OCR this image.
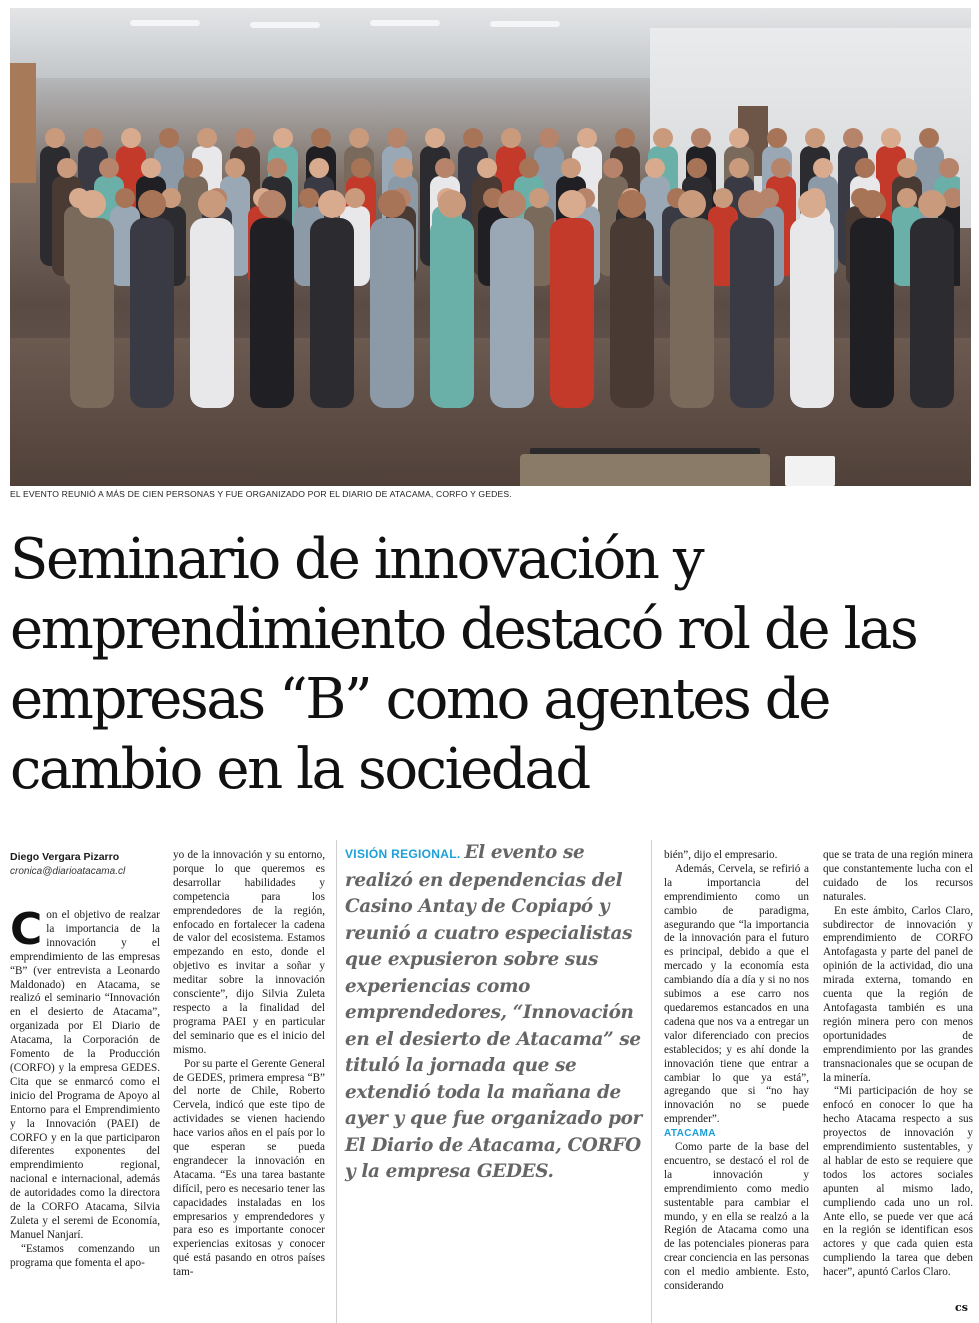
EL EVENTO REUNIÓ A MÁS DE CIEN PERSONAS Y FUE ORGANIZADO POR EL DIARIO DE ATACAMA, CORFO Y GEDES.
Seminario de innovación y emprendimiento destacó rol de las empresas “B” como agentes de cambio en la sociedad
Diego Vergara Pizarro
cronica@diarioatacama.cl

Con el objetivo de realzar la importancia de la innovación y el emprendimiento de las empresas “B” (ver entrevista a Leonardo Maldonado) en Atacama, se realizó el seminario “Innovación en el desierto de Atacama”, organizada por El Diario de Atacama, la Corporación de Fomento de la Producción (CORFO) y la empresa GEDES. Cita que se enmarcó como el inicio del Programa de Apoyo al Entorno para el Emprendimiento y la Innovación (PAEI) de CORFO y en la que participaron diferentes exponentes del emprendimiento regional, nacional e internacional, además de autoridades como la directora de la CORFO Atacama, Silvia Zuleta y el seremi de Economía, Manuel Nanjarí.

“Estamos comenzando un programa que fomenta el apo-

yo de la innovación y su entorno, porque lo que queremos es desarrollar habilidades y competencia para los emprendedores de la región, enfocado en fortalecer la cadena de valor del ecosistema. Estamos empezando en esto, donde el objetivo es invitar a soñar y meditar sobre la innovación consciente”, dijo Silvia Zuleta respecto a la finalidad del programa PAEI y en particular del seminario que es el inicio del mismo.

Por su parte el Gerente General de GEDES, primera empresa “B” del norte de Chile, Roberto Cervela, indicó que este tipo de actividades se vienen haciendo hace varios años en el país por lo que esperan se pueda engrandecer la innovación en Atacama. “Es una tarea bastante difícil, pero es necesario tener las capacidades instaladas en los empresarios y emprendedores y para eso es importante conocer experiencias exitosas y conocer qué está pasando en otros países tam-

VISIÓN REGIONAL. El evento se realizó en dependencias del Casino Antay de Copiapó y reunió a cuatro especialistas que expusieron sobre sus experiencias como emprendedores, “Innovación en el desierto de Atacama” se tituló la jornada que se extendió toda la mañana de ayer y que fue organizado por El Diario de Atacama, CORFO y la empresa GEDES.

bién”, dijo el empresario.

Además, Cervela, se refirió a la importancia del emprendimiento como un cambio de paradigma, asegurando que “la importancia de la innovación para el futuro es principal, debido a que el mercado y la economía esta cambiando día a día y si no nos subimos a ese carro nos quedaremos estancados en una cadena que nos va a entregar un valor diferenciado con precios establecidos; y es ahí donde la innovación tiene que entrar a cambiar lo que ya está”, agregando que si “no hay innovación no se puede emprender”.

ATACAMA

Como parte de la base del encuentro, se destacó el rol de la innovación y emprendimiento como medio sustentable para cambiar el mundo, y en ella se realzó a la Región de Atacama como una de las potenciales pioneras para crear conciencia en las personas con el medio ambiente. Esto, considerando

que se trata de una región minera que constantemente lucha con el cuidado de los recursos naturales.

En este ámbito, Carlos Claro, subdirector de innovación y emprendimiento de CORFO Antofagasta y parte del panel de opinión de la actividad, dio una mirada externa, tomando en cuenta que la región de Antofagasta también es una región minera pero con menos oportunidades de emprendimiento por las grandes transnacionales que se ocupan de la minería.

“Mi participación de hoy se enfocó en conocer lo que ha hecho Atacama respecto a sus proyectos de innovación y emprendimiento sustentables, y al hablar de esto se requiere que todos los actores sociales apunten al mismo lado, cumpliendo cada uno un rol. Ante ello, se puede ver que acá en la región se identifican esos actores y que cada quien esta cumpliendo la tarea que deben hacer”, apuntó Carlos Claro.

cs
